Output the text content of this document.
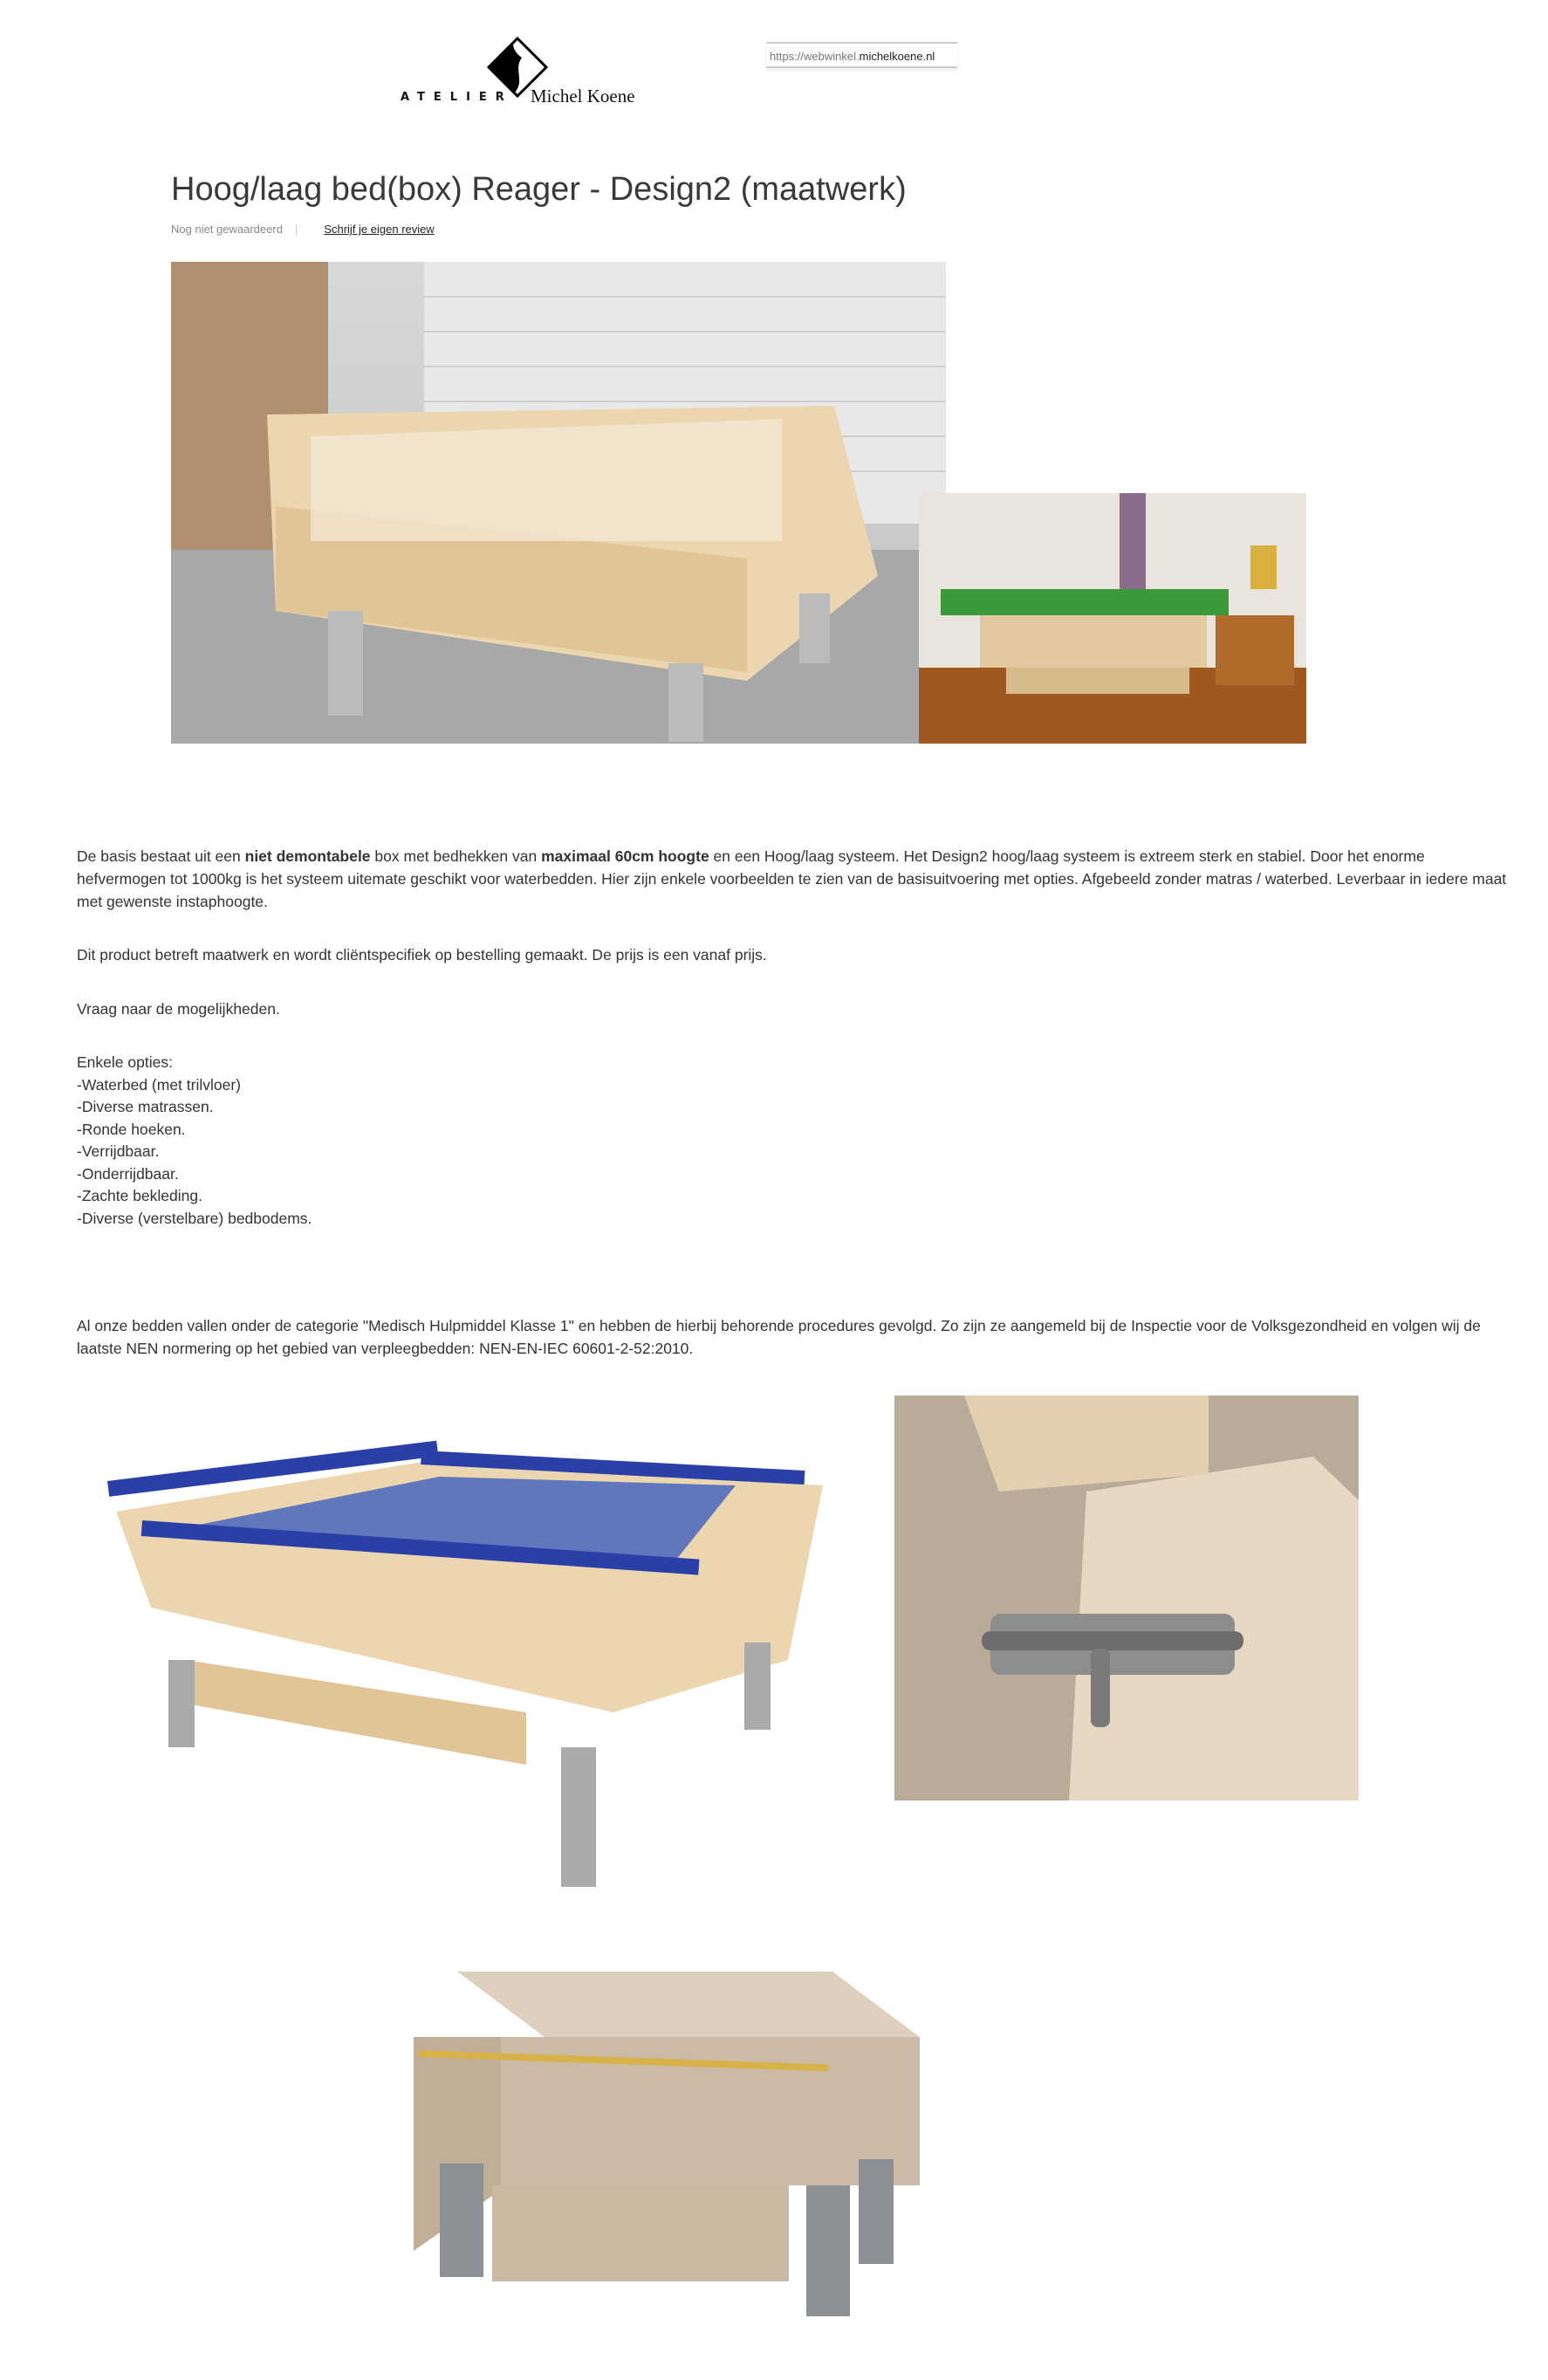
ATELIER Michel Koene
https://webwinkel.michelkoene.nl
Hoog/laag bed(box) Reager - Design2 (maatwerk)
Nog niet gewaardeerd | Schrijf je eigen review

De basis bestaat uit een niet demontabele box met bedhekken van maximaal 60cm hoogte en een Hoog/laag systeem. Het Design2 hoog/laag systeem is extreem sterk en stabiel. Door het enorme hefvermogen tot 1000kg is het systeem uitemate geschikt voor waterbedden. Hier zijn enkele voorbeelden te zien van de basisuitvoering met opties. Afgebeeld zonder matras / waterbed. Leverbaar in iedere maat met gewenste instaphoogte.

Dit product betreft maatwerk en wordt cliëntspecifiek op bestelling gemaakt. De prijs is een vanaf prijs.
Vraag naar de mogelijkheden.
Enkele opties:
-Waterbed (met trilvloer)
-Diverse matrassen.
-Ronde hoeken.
-Verrijdbaar.
-Onderrijdbaar.
-Zachte bekleding.
-Diverse (verstelbare) bedbodems.
Al onze bedden vallen onder de categorie "Medisch Hulpmiddel Klasse 1" en hebben de hierbij behorende procedures gevolgd. Zo zijn ze aangemeld bij de Inspectie voor de Volksgezondheid en volgen wij de laatste NEN normering op het gebied van verpleegbedden: NEN-EN-IEC 60601-2-52:2010.
